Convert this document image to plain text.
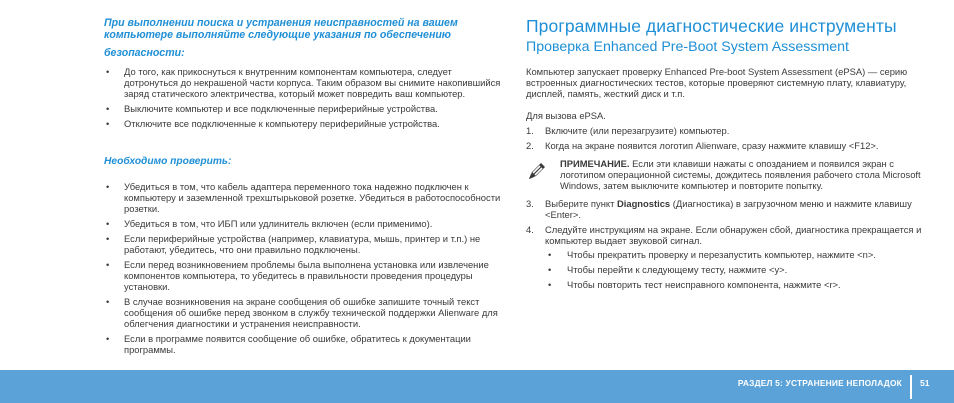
При выполнении поиска и устранения неисправностей на вашем компьютере выполняйте следующие указания по обеспечению
безопасности:

• До того, как прикоснуться к внутренним компонентам компьютера, следует дотронуться до некрашеной части корпуса. Таким образом вы снимите накопившийся заряд статического электричества, который может повредить ваш компьютер.
• Выключите компьютер и все подключенные периферийные устройства.
• Отключите все подключенные к компьютеру периферийные устройства.

Необходимо проверить:

• Убедиться в том, что кабель адаптера переменного тока надежно подключен к компьютеру и заземленной трехштырьковой розетке. Убедиться в работоспособности розетки.
• Убедиться в том, что ИБП или удлинитель включен (если применимо).
• Если периферийные устройства (например, клавиатура, мышь, принтер и т.п.) не работают, убедитесь, что они правильно подключены.
• Если перед возникновением проблемы была выполнена установка или извлечение компонентов компьютера, то убедитесь в правильности проведения процедуры установки.
• В случае возникновения на экране сообщения об ошибке запишите точный текст сообщения об ошибке перед звонком в службу технической поддержки Alienware для облегчения диагностики и устранения неисправности.
• Если в программе появится сообщение об ошибке, обратитесь к документации программы.
Программные диагностические инструменты
Проверка Enhanced Pre-Boot System Assessment

Компьютер запускает проверку Enhanced Pre-boot System Assessment (ePSA) — серию встроенных диагностических тестов, которые проверяют системную плату, клавиатуру, дисплей, память, жесткий диск и т.п.

Для вызова ePSA.

1. Включите (или перезагрузите) компьютер.
2. Когда на экране появится логотип Alienware, сразу нажмите клавишу <F12>.
ПРИМЕЧАНИЕ. Если эти клавиши нажаты с опозданием и появился экран с логотипом операционной системы, дождитесь появления рабочего стола Microsoft Windows, затем выключите компьютер и повторите попытку.
3. Выберите пункт Diagnostics (Диагностика) в загрузочном меню и нажмите клавишу <Enter>.
4. Следуйте инструкциям на экране. Если обнаружен сбой, диагностика прекращается и компьютер выдает звуковой сигнал.
• Чтобы прекратить проверку и перезапустить компьютер, нажмите <n>.
• Чтобы перейти к следующему тесту, нажмите <y>.
• Чтобы повторить тест неисправного компонента, нажмите <r>.
РАЗДЕЛ 5: УСТРАНЕНИЕ НЕПОЛАДОК 51
